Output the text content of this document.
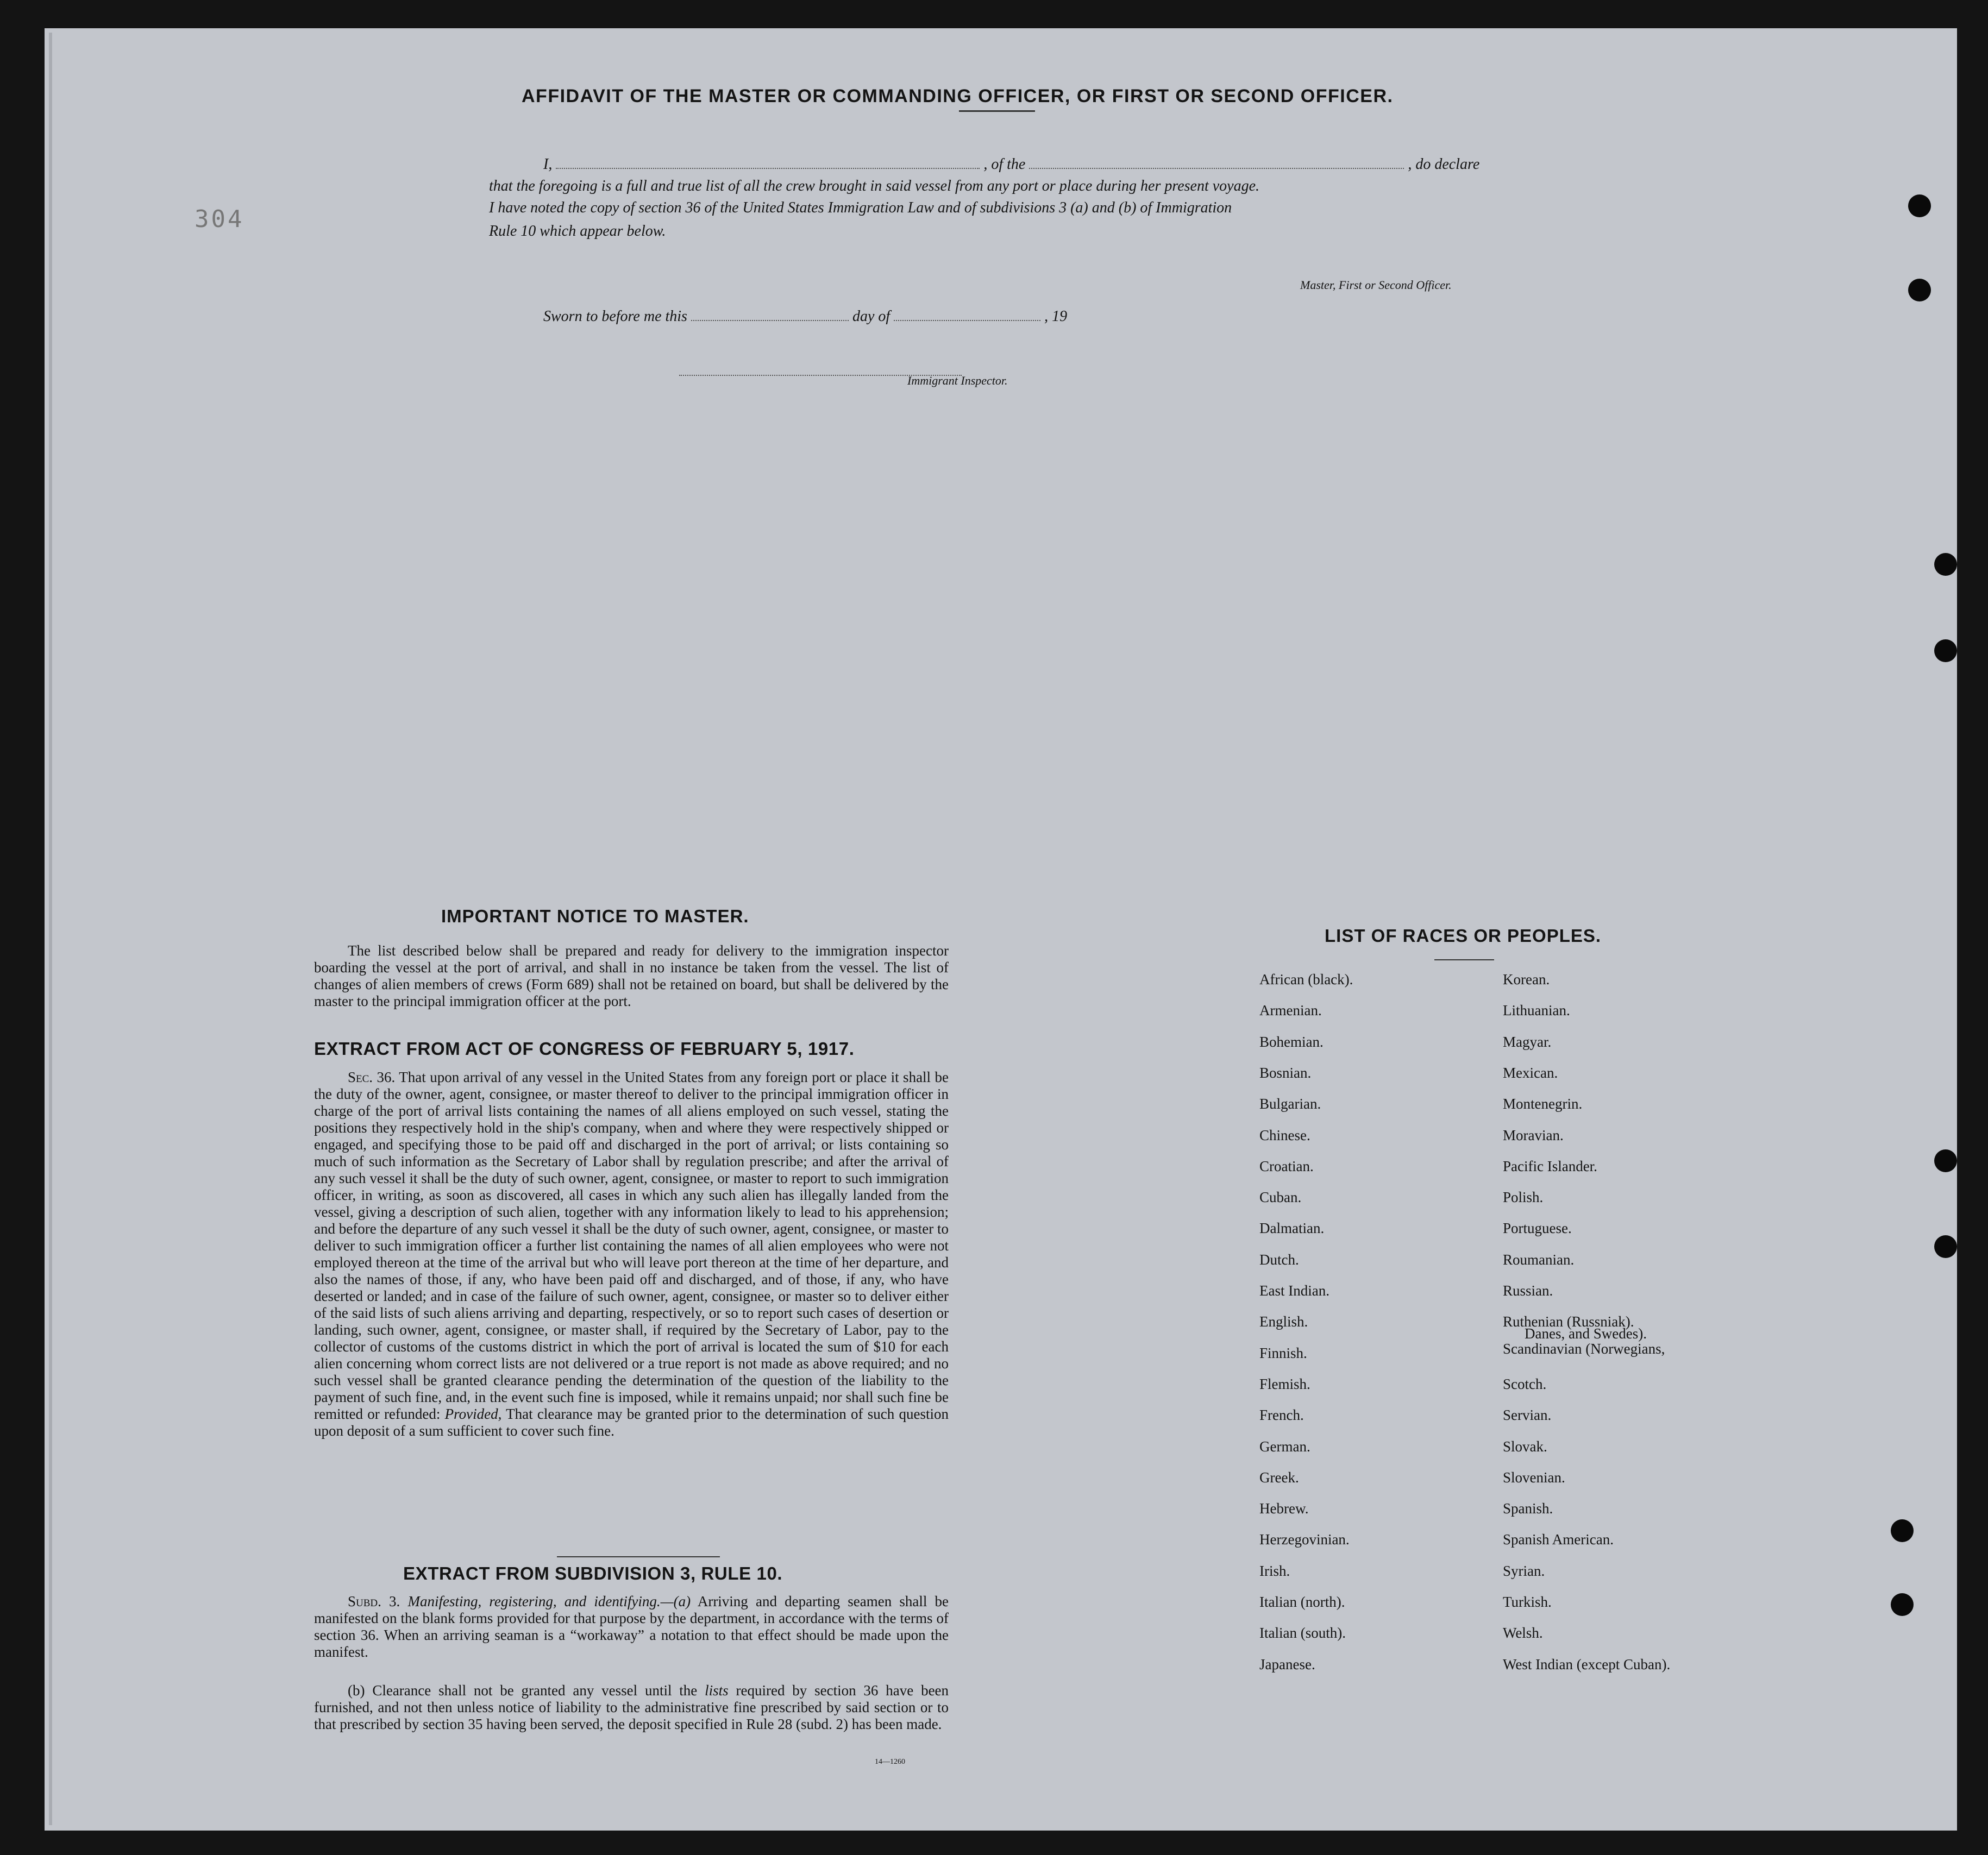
AFFIDAVIT OF THE MASTER OR COMMANDING OFFICER, OR FIRST OR SECOND OFFICER.
I,	, of the	, do declare
that the foregoing is a full and true list of all the crew brought in said vessel from any port or place during her present voyage.
I have noted the copy of section 36 of the United States Immigration Law and of subdivisions 3 (a) and (b) of Immigration
Rule 10 which appear below.
304
Master, First or Second Officer.
Sworn to before me this	day of	, 19
Immigrant Inspector.
IMPORTANT NOTICE TO MASTER.
The list described below shall be prepared and ready for delivery to the immigration inspector boarding the vessel at the port of arrival, and shall in no instance be taken from the vessel. The list of changes of alien members of crews (Form 689) shall not be retained on board, but shall be delivered by the master to the principal immigration officer at the port.
EXTRACT FROM ACT OF CONGRESS OF FEBRUARY 5, 1917.
Sec. 36. That upon arrival of any vessel in the United States from any foreign port or place it shall be the duty of the owner, agent, consignee, or master thereof to deliver to the principal immigration officer in charge of the port of arrival lists containing the names of all aliens employed on such vessel, stating the positions they respectively hold in the ship's company, when and where they were respectively shipped or engaged, and specifying those to be paid off and discharged in the port of arrival; or lists containing so much of such information as the Secretary of Labor shall by regulation prescribe; and after the arrival of any such vessel it shall be the duty of such owner, agent, consignee, or master to report to such immigration officer, in writing, as soon as discovered, all cases in which any such alien has illegally landed from the vessel, giving a description of such alien, together with any information likely to lead to his apprehension; and before the departure of any such vessel it shall be the duty of such owner, agent, consignee, or master to deliver to such immigration officer a further list containing the names of all alien employees who were not employed thereon at the time of the arrival but who will leave port thereon at the time of her departure, and also the names of those, if any, who have been paid off and discharged, and of those, if any, who have deserted or landed; and in case of the failure of such owner, agent, consignee, or master so to deliver either of the said lists of such aliens arriving and departing, respectively, or so to report such cases of desertion or landing, such owner, agent, consignee, or master shall, if required by the Secretary of Labor, pay to the collector of customs of the customs district in which the port of arrival is located the sum of $10 for each alien concerning whom correct lists are not delivered or a true report is not made as above required; and no such vessel shall be granted clearance pending the determination of the question of the liability to the payment of such fine, and, in the event such fine is imposed, while it remains unpaid; nor shall such fine be remitted or refunded: Provided, That clearance may be granted prior to the determination of such question upon deposit of a sum sufficient to cover such fine.
EXTRACT FROM SUBDIVISION 3, RULE 10.
Subd. 3. Manifesting, registering, and identifying.—(a) Arriving and departing seamen shall be manifested on the blank forms provided for that purpose by the department, in accordance with the terms of section 36. When an arriving seaman is a “workaway” a notation to that effect should be made upon the manifest.
(b) Clearance shall not be granted any vessel until the lists required by section 36 have been furnished, and not then unless notice of liability to the administrative fine prescribed by said section or to that prescribed by section 35 having been served, the deposit specified in Rule 28 (subd. 2) has been made.
14—1260
LIST OF RACES OR PEOPLES.
African (black).
Armenian.
Bohemian.
Bosnian.
Bulgarian.
Chinese.
Croatian.
Cuban.
Dalmatian.
Dutch.
East Indian.
English.
Finnish.
Flemish.
French.
German.
Greek.
Hebrew.
Herzegovinian.
Irish.
Italian (north).
Italian (south).
Japanese.
Korean.
Lithuanian.
Magyar.
Mexican.
Montenegrin.
Moravian.
Pacific Islander.
Polish.
Portuguese.
Roumanian.
Russian.
Ruthenian (Russniak).
Scandinavian (Norwegians,
Danes, and Swedes).
Scotch.
Servian.
Slovak.
Slovenian.
Spanish.
Spanish American.
Syrian.
Turkish.
Welsh.
West Indian (except Cuban).
